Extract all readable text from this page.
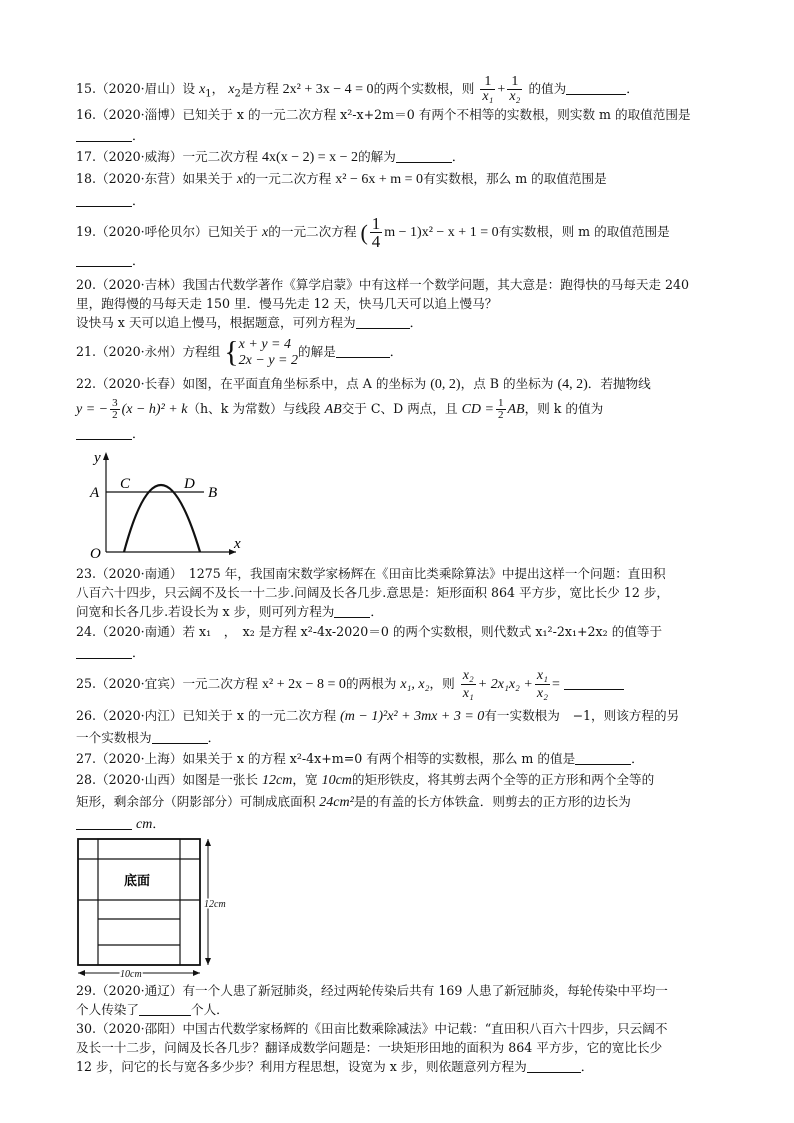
15.（2020·眉山）设 $x_1$， $x_2$是方程 2x² + 3x − 4 = 0的两个实数根，则 $\frac{1}{\text{x₁}} + \frac{1}{\text{x₂}}$ 的值为	．

16.（2020·淄博）已知关于 x 的一元二次方程 x²-x+2m＝0 有两个不相等的实数根，则实数 m 的取值范围是
．

17.（2020·威海）一元二次方程 4x(x − 2) = x − 2的解为	．

18.（2020·东营）如果关于 x的一元二次方程 x² − 6x + m = 0有实数根，那么 m 的取值范围是
．

19.（2020·呼伦贝尔）已知关于 x的一元二次方程 ( $\frac{1}{4}$ m − 1)x² − x + 1 = 0有实数根，则 m 的取值范围是
．

20.（2020·吉林）我国古代数学著作《算学启蒙》中有这样一个数学问题，其大意是：跑得快的马每天走 240
里，跑得慢的马每天走 150 里．慢马先走 12 天，快马几天可以追上慢马？
设快马 x 天可以追上慢马，根据题意，可列方程为	．

21.（2020·永州）方程组 {x + y = 4
2x − y = 2的解是	．

22.（2020·长春）如图，在平面直角坐标系中，点 A 的坐标为 (0, 2)，点 B 的坐标为 (4, 2)．若抛物线
y = − $\frac{3}{2} (x - h)^2 + k(h$、k 为常数）与线段 AB交于 C、D 两点，且 CD = $\frac{1}{2}$ AB，则 k 的值为
．

y
x
A	B
C	D
O

23.（2020·南通）　1275 年，我国南宋数学家杨辉在《田亩比类乘除算法》中提出这样一个问题：直田积
八百六十四步，只云阔不及长一十二步.问阔及长各几步.意思是：矩形面积 864 平方步，宽比长少 12 步，
问宽和长各几步.若设长为 x 步，则可列方程为	．

24.（2020·南通）若 x₁　，　x₂ 是方程 x²-4x-2020＝0 的两个实数根，则代数式 x₁²-2x₁+2x₂ 的值等于
．

25.（2020·宜宾）一元二次方程 x² + 2x − 8 = 0的两根为 x₁, x₂，则 $\frac{\text{x₂}}{\text{x₁}} + 2x_1x_2 + \frac{\text{x₁}}{\text{x₂}}$ =

26.（2020·内江）已知关于 x 的一元二次方程 (m − 1)²x² + 3mx + 3 = 0有一实数根为　−1，则该方程的另
一个实数根为	．

27.（2020·上海）如果关于 x 的方程 x²-4x+m=0 有两个相等的实数根，那么 m 的值是	．

28.（2020·山西）如图是一张长 12cm，宽 10cm的矩形铁皮，将其剪去两个全等的正方形和两个全等的
矩形，剩余部分（阴影部分）可制成底面积 24cm²是的有盖的长方体铁盒．则剪去的正方形的边长为
cm．

底面
12cm
10cm

29.（2020·通辽）有一个人患了新冠肺炎，经过两轮传染后共有 169 人患了新冠肺炎，每轮传染中平均一
个人传染了	个人．

30.（2020·邵阳）中国古代数学家杨辉的《田亩比数乘除减法》中记载：“直田积八百六十四步，只云阔不
及长一十二步，问阔及长各几步？翻译成数学问题是：一块矩形田地的面积为 864 平方步，它的宽比长少
12 步，问它的长与宽各多少步？利用方程思想，设宽为 x 步，则依题意列方程为	．
